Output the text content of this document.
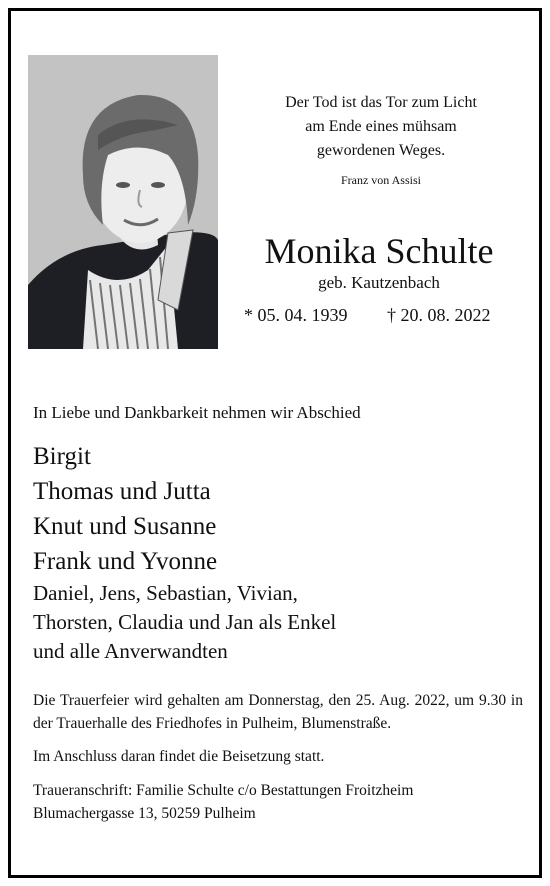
Der Tod ist das Tor zum Licht
am Ende eines mühsam
gewordenen Weges.
Franz von Assisi
Monika Schulte
geb. Kautzenbach
* 05. 04. 1939 † 20. 08. 2022
In Liebe und Dankbarkeit nehmen wir Abschied
Birgit
Thomas und Jutta
Knut und Susanne
Frank und Yvonne
Daniel, Jens, Sebastian, Vivian,
Thorsten, Claudia und Jan als Enkel
und alle Anverwandten

Die Trauerfeier wird gehalten am Donnerstag, den 25. Aug. 2022, um 9.30 in der Trauerhalle des Friedhofes in Pulheim, Blumenstraße.

Im Anschluss daran findet die Beisetzung statt.

Traueranschrift: Familie Schulte c/o Bestattungen Froitzheim
Blumachergasse 13, 50259 Pulheim
